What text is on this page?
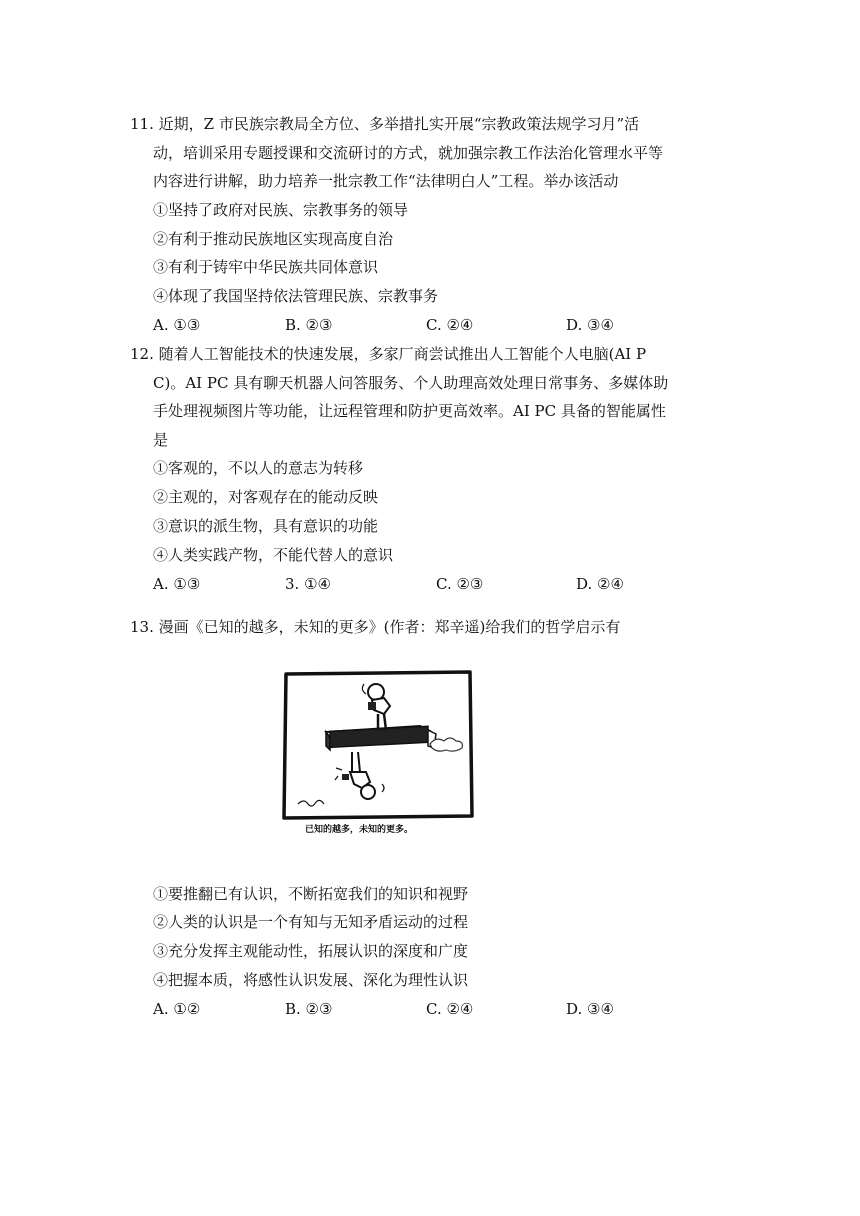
11. 近期，Z 市民族宗教局全方位、多举措扎实开展“宗教政策法规学习月”活
动，培训采用专题授课和交流研讨的方式，就加强宗教工作法治化管理水平等
内容进行讲解，助力培养一批宗教工作“法律明白人”工程。举办该活动
①坚持了政府对民族、宗教事务的领导
②有利于推动民族地区实现高度自治
③有利于铸牢中华民族共同体意识
④体现了我国坚持依法管理民族、宗教事务
A. ①③	B. ②③	C. ②④	D. ③④
12. 随着人工智能技术的快速发展，多家厂商尝试推出人工智能个人电脑(AI P
C)。AI PC 具有聊天机器人问答服务、个人助理高效处理日常事务、多媒体助
手处理视频图片等功能，让远程管理和防护更高效率。AI PC 具备的智能属性
是
①客观的，不以人的意志为转移
②主观的，对客观存在的能动反映
③意识的派生物，具有意识的功能
④人类实践产物，不能代替人的意识
A. ①③	3. ①④	C. ②③	D. ②④
13. 漫画《已知的越多，未知的更多》(作者：郑辛遥)给我们的哲学启示有
已知的越多，未知的更多。
①要推翻已有认识，不断拓宽我们的知识和视野
②人类的认识是一个有知与无知矛盾运动的过程
③充分发挥主观能动性，拓展认识的深度和广度
④把握本质，将感性认识发展、深化为理性认识
A. ①②	B. ②③	C. ②④	D. ③④
